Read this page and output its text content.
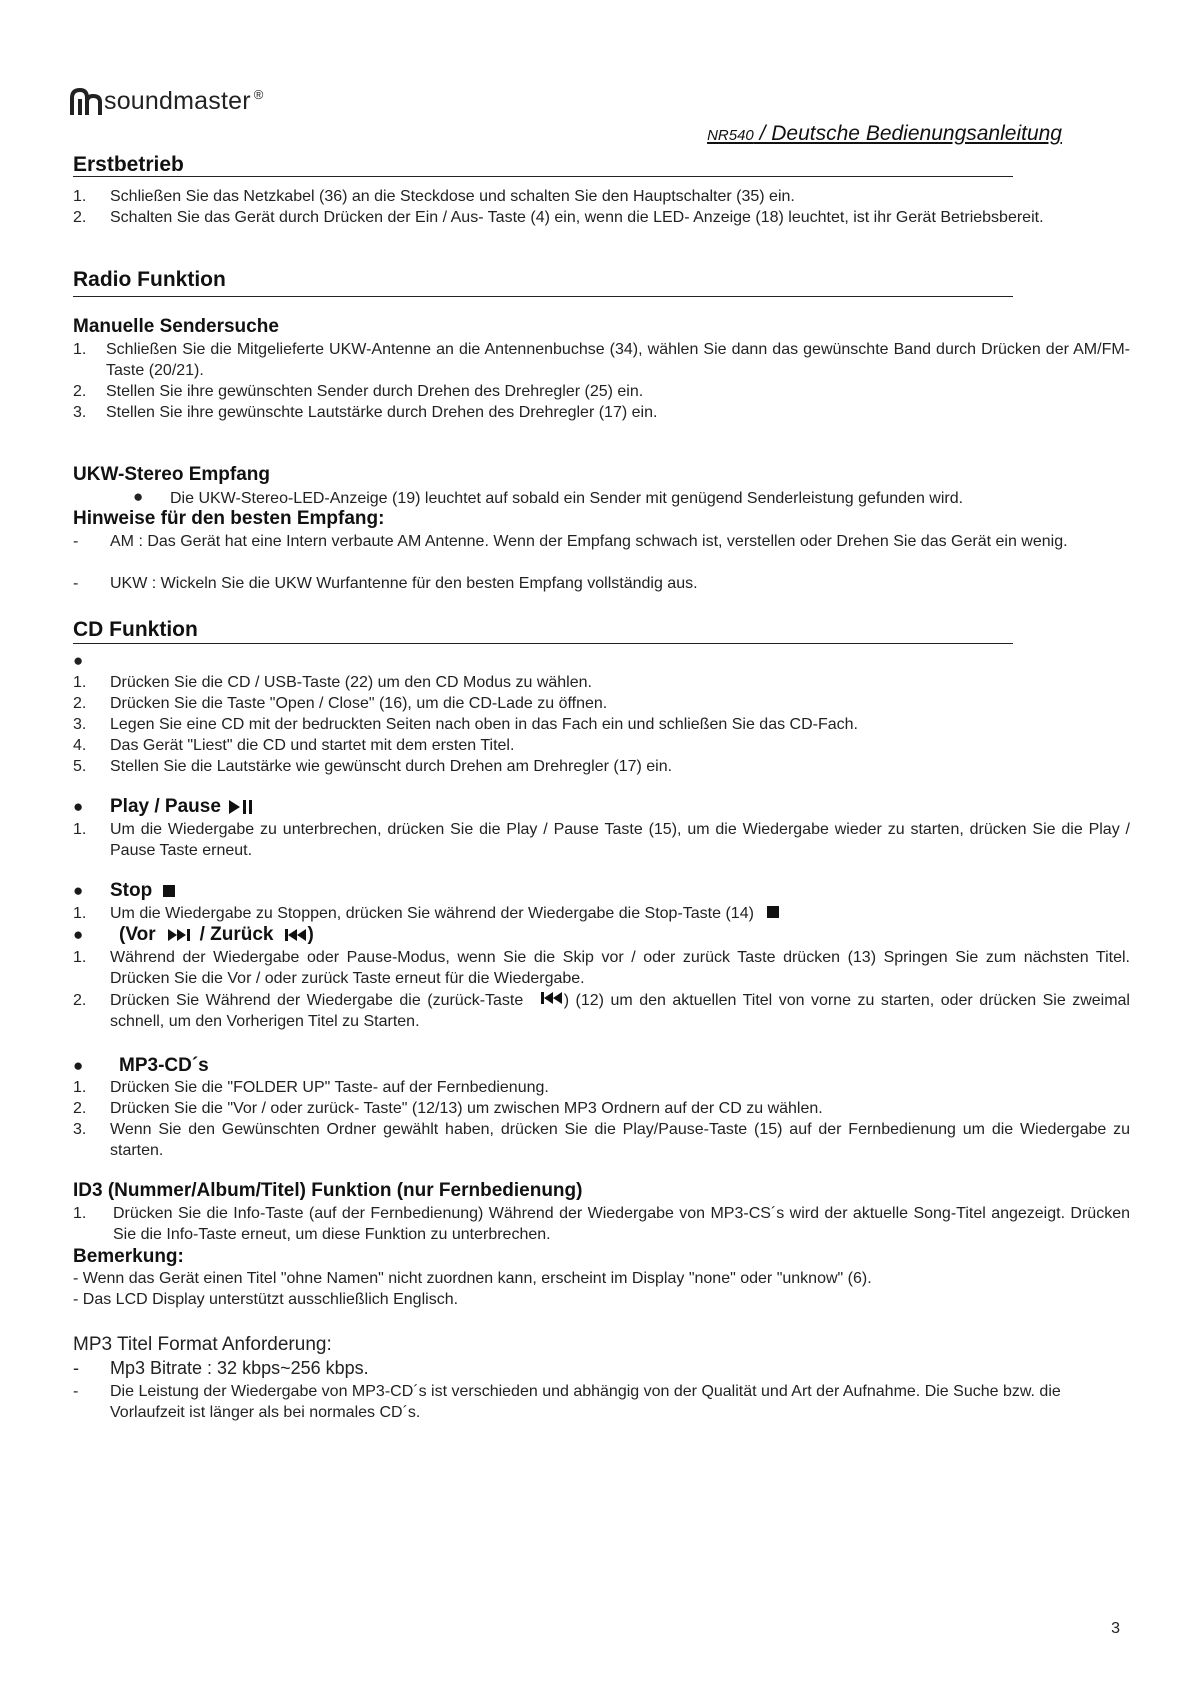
soundmaster ®
NR540 / Deutsche Bedienungsanleitung
Erstbetrieb
1. Schließen Sie das Netzkabel (36) an die Steckdose und schalten Sie den Hauptschalter (35) ein.
2. Schalten Sie das Gerät durch Drücken der Ein / Aus- Taste (4) ein, wenn die LED- Anzeige (18) leuchtet, ist ihr Gerät Betriebsbereit.
Radio Funktion
Manuelle Sendersuche
1. Schließen Sie die Mitgelieferte UKW-Antenne an die Antennenbuchse (34), wählen Sie dann das gewünschte Band durch Drücken der AM/FM-Taste (20/21).
2. Stellen Sie ihre gewünschten Sender durch Drehen des Drehregler (25) ein.
3. Stellen Sie ihre gewünschte Lautstärke durch Drehen des Drehregler (17) ein.
UKW-Stereo Empfang
● Die UKW-Stereo-LED-Anzeige (19) leuchtet auf sobald ein Sender mit genügend Senderleistung gefunden wird.
Hinweise für den besten Empfang:
- AM : Das Gerät hat eine Intern verbaute AM Antenne. Wenn der Empfang schwach ist, verstellen oder Drehen Sie das Gerät ein wenig.
- UKW : Wickeln Sie die UKW Wurfantenne für den besten Empfang vollständig aus.
CD Funktion
●
1. Drücken Sie die CD / USB-Taste (22) um den CD Modus zu wählen.
2. Drücken Sie die Taste "Open / Close" (16), um die CD-Lade zu öffnen.
3. Legen Sie eine CD mit der bedruckten Seiten nach oben in das Fach ein und schließen Sie das CD-Fach.
4. Das Gerät "Liest" die CD und startet mit dem ersten Titel.
5. Stellen Sie die Lautstärke wie gewünscht durch Drehen am Drehregler (17) ein.
●	Play / Pause
1. Um die Wiedergabe zu unterbrechen, drücken Sie die Play / Pause Taste (15), um die Wiedergabe wieder zu starten, drücken Sie die Play / Pause Taste erneut.
●	Stop
1. Um die Wiedergabe zu Stoppen, drücken Sie während der Wiedergabe die Stop-Taste (14)
●	(Vor / Zurück )
1. Während der Wiedergabe oder Pause-Modus, wenn Sie die Skip vor / oder zurück Taste drücken (13) Springen Sie zum nächsten Titel. Drücken Sie die Vor / oder zurück Taste erneut für die Wiedergabe.
2. Drücken Sie Während der Wiedergabe die (zurück-Taste	) (12) um den aktuellen Titel von vorne zu starten, oder drücken Sie zweimal schnell, um den Vorherigen Titel zu Starten.
●	MP3-CD´s
1. Drücken Sie die "FOLDER UP" Taste- auf der Fernbedienung.
2. Drücken Sie die "Vor / oder zurück- Taste" (12/13) um zwischen MP3 Ordnern auf der CD zu wählen.
3. Wenn Sie den Gewünschten Ordner gewählt haben, drücken Sie die Play/Pause-Taste (15) auf der Fernbedienung um die Wiedergabe zu starten.
ID3 (Nummer/Album/Titel) Funktion (nur Fernbedienung)
1. Drücken Sie die Info-Taste (auf der Fernbedienung) Während der Wiedergabe von MP3-CS´s wird der aktuelle Song-Titel angezeigt. Drücken Sie die Info-Taste erneut, um diese Funktion zu unterbrechen.
Bemerkung:
- Wenn das Gerät einen Titel "ohne Namen" nicht zuordnen kann, erscheint im Display "none" oder "unknow" (6).
- Das LCD Display unterstützt ausschließlich Englisch.
MP3 Titel Format Anforderung:
- Mp3 Bitrate : 32 kbps~256 kbps.
- Die Leistung der Wiedergabe von MP3-CD´s ist verschieden und abhängig von der Qualität und Art der Aufnahme. Die Suche bzw. die Vorlaufzeit ist länger als bei normales CD´s.
3
